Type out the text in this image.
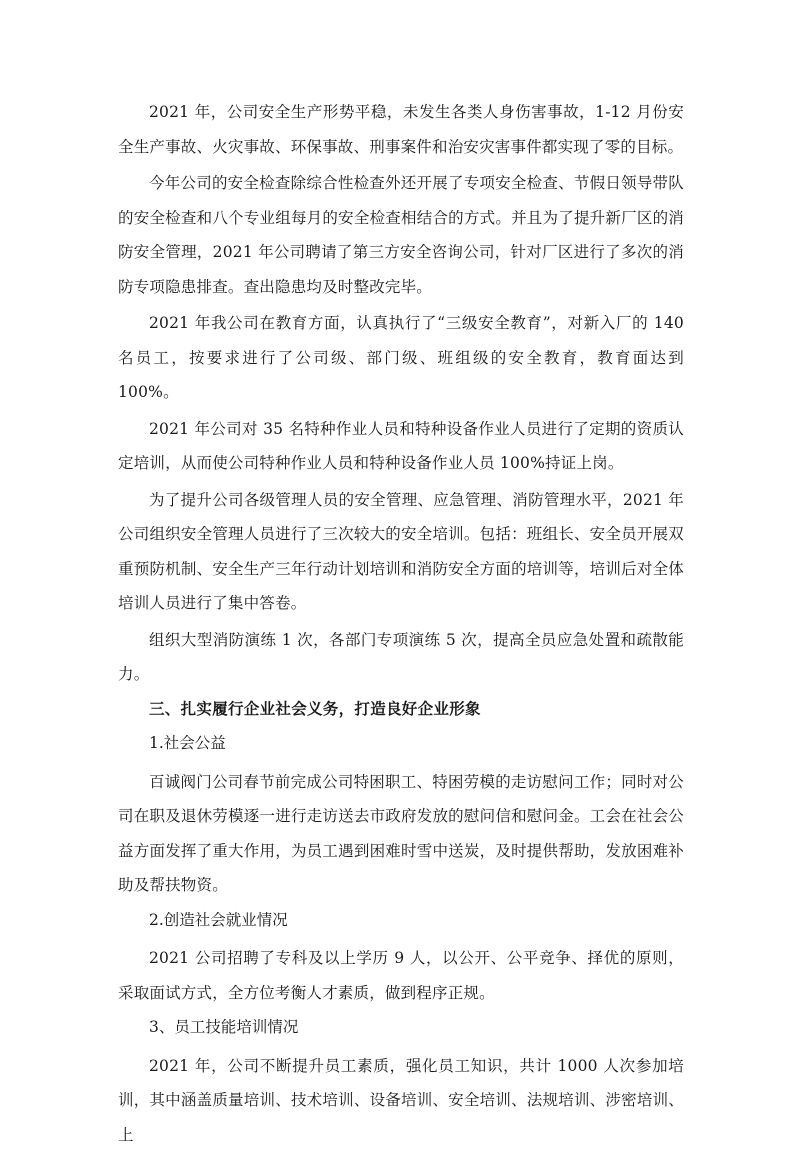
2021 年，公司安全生产形势平稳，未发生各类人身伤害事故，1-12 月份安全生产事故、火灾事故、环保事故、刑事案件和治安灾害事件都实现了零的目标。

今年公司的安全检查除综合性检查外还开展了专项安全检查、节假日领导带队的安全检查和八个专业组每月的安全检查相结合的方式。并且为了提升新厂区的消防安全管理，2021 年公司聘请了第三方安全咨询公司，针对厂区进行了多次的消防专项隐患排查。查出隐患均及时整改完毕。

2021 年我公司在教育方面，认真执行了“三级安全教育”，对新入厂的 140 名员工，按要求进行了公司级、部门级、班组级的安全教育，教育面达到 100%。

2021 年公司对 35 名特种作业人员和特种设备作业人员进行了定期的资质认定培训，从而使公司特种作业人员和特种设备作业人员 100%持证上岗。

为了提升公司各级管理人员的安全管理、应急管理、消防管理水平，2021 年公司组织安全管理人员进行了三次较大的安全培训。包括：班组长、安全员开展双重预防机制、安全生产三年行动计划培训和消防安全方面的培训等，培训后对全体培训人员进行了集中答卷。

组织大型消防演练 1 次，各部门专项演练 5 次，提高全员应急处置和疏散能力。

三、扎实履行企业社会义务，打造良好企业形象

1.社会公益

百诚阀门公司春节前完成公司特困职工、特困劳模的走访慰问工作；同时对公司在职及退休劳模逐一进行走访送去市政府发放的慰问信和慰问金。工会在社会公益方面发挥了重大作用，为员工遇到困难时雪中送炭，及时提供帮助，发放困难补助及帮扶物资。

2.创造社会就业情况

2021 公司招聘了专科及以上学历 9 人，以公开、公平竞争、择优的原则，采取面试方式，全方位考衡人才素质，做到程序正规。

3、员工技能培训情况

2021 年，公司不断提升员工素质，强化员工知识，共计 1000 人次参加培训，其中涵盖质量培训、技术培训、设备培训、安全培训、法规培训、涉密培训、上
